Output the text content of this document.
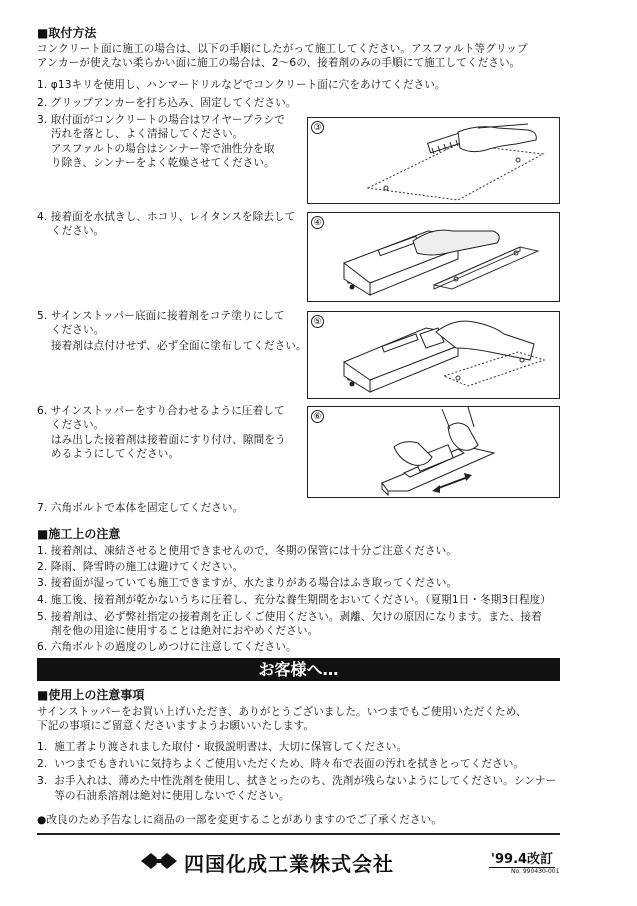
■取付方法
コンクリート面に施工の場合は、以下の手順にしたがって施工してください。アスファルト等グリップ
アンカーが使えない柔らかい面に施工の場合は、2～6の、接着剤のみの手順にて施工してください。
1. φ13キリを使用し、ハンマードリルなどでコンクリート面に穴をあけてください。
2. グリップアンカーを打ち込み、固定してください。
3. 取付面がコンクリートの場合はワイヤーブラシで
汚れを落とし、よく清掃してください。
アスファルトの場合はシンナー等で油性分を取
り除き、シンナーをよく乾燥させてください。
4. 接着面を水拭きし、ホコリ、レイタンスを除去して
ください。
5. サインストッパー底面に接着剤をコテ塗りにして
ください。
接着剤は点付けせず、必ず全面に塗布してください。
6. サインストッパーをすり合わせるように圧着して
ください。
はみ出した接着剤は接着面にすり付け、隙間をう
めるようにしてください。
7. 六角ボルトで本体を固定してください。
③
④
⑤
⑥
■施工上の注意
1. 接着剤は、凍結させると使用できませんので、冬期の保管には十分ご注意ください。
2. 降雨、降雪時の施工は避けてください。
3. 接着面が湿っていても施工できますが、水たまりがある場合はふき取ってください。
4. 施工後、接着剤が乾かないうちに圧着し、充分な養生期間をおいてください。（夏期1日・冬期3日程度）
5. 接着剤は、必ず弊社指定の接着剤を正しくご使用ください。剥離、欠けの原因になります。また、接着
剤を他の用途に使用することは絶対におやめください。
6. 六角ボルトの過度のしめつけに注意してください。
お客様へ…
■使用上の注意事項
サインストッパーをお買い上げいただき、ありがとうございました。いつまでもご使用いただくため、
下記の事項にご留意くださいますようお願いいたします。
1.  施工者より渡されました取付・取扱説明書は、大切に保管してください。
2.  いつまでもきれいに気持ちよくご使用いただくため、時々布で表面の汚れを拭きとってください。
3.  お手入れは、薄めた中性洗剤を使用し、拭きとったのち、洗剤が残らないようにしてください。シンナー
等の石油系溶剤は絶対に使用しないでください。
●改良のため予告なしに商品の一部を変更することがありますのでご了承ください。
四国化成工業株式会社	'99.4改訂
No. 990430-001
